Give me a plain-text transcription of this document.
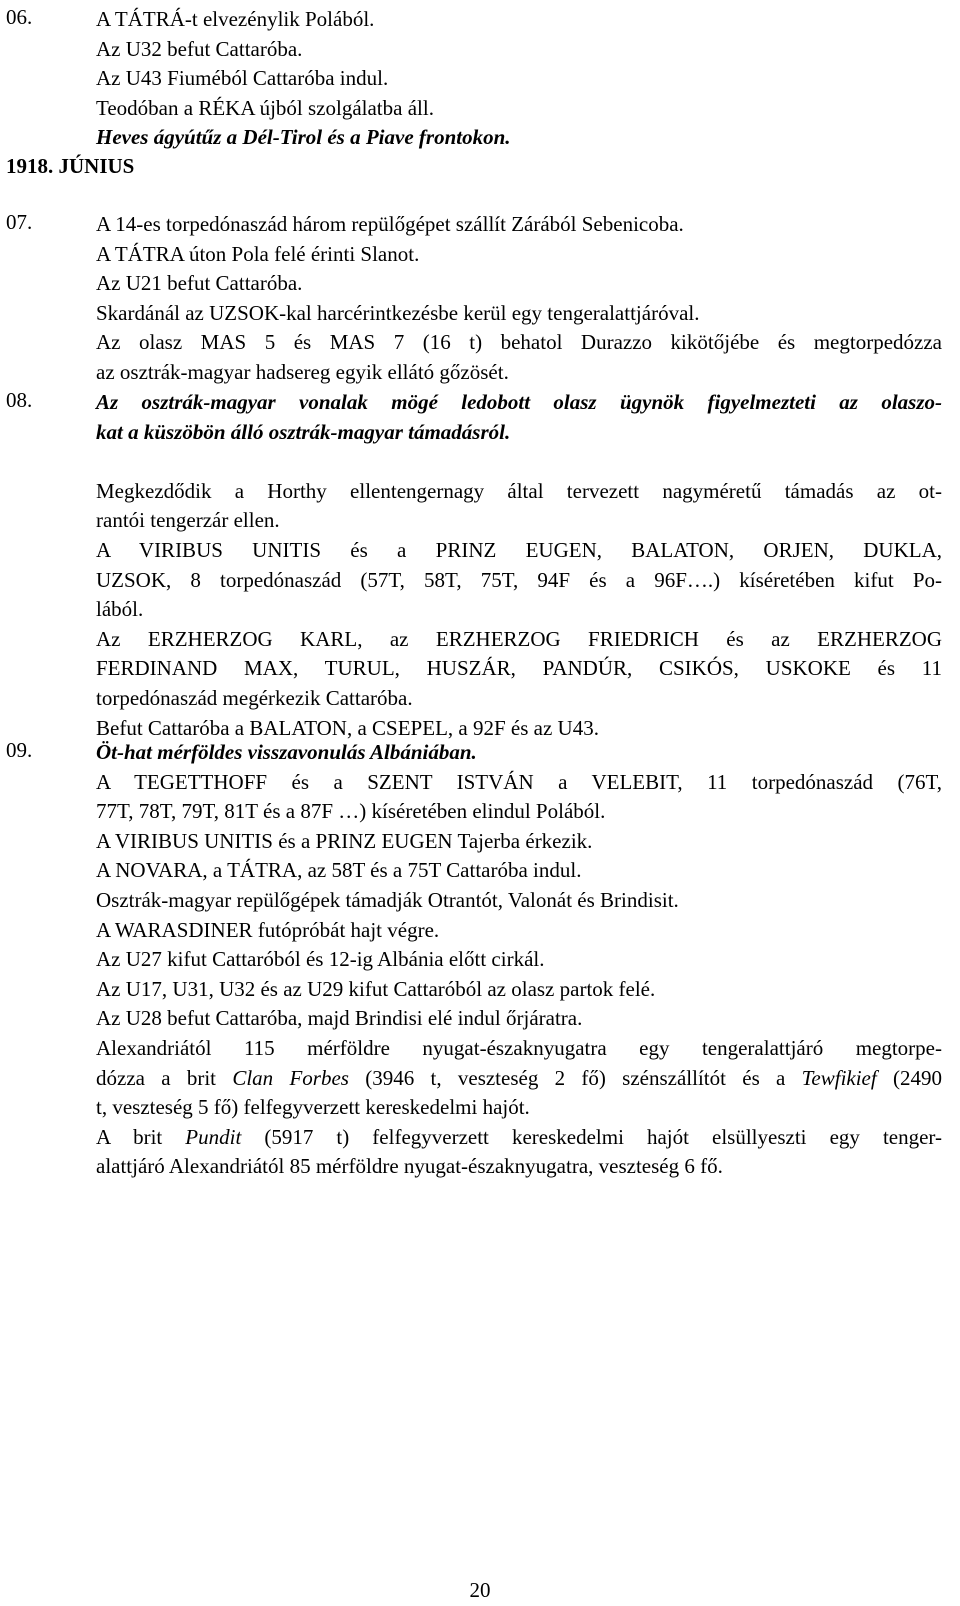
06.	A TÁTRÁ-t elvezénylik Polából.
Az U32 befut Cattaróba.
Az U43 Fiuméból Cattaróba indul.
Teodóban a RÉKA újból szolgálatba áll.
Heves ágyútűz a Dél-Tirol és a Piave frontokon.
1918. JÚNIUS
07.	A 14-es torpedónaszád három repülőgépet szállít Zárából Sebenicoba.
A TÁTRA úton Pola felé érinti Slanot.
Az U21 befut Cattaróba.
Skardánál az UZSOK-kal harcérintkezésbe kerül egy tengeralattjáróval.
Az olasz MAS 5 és MAS 7 (16 t) behatol Durazzo kikötőjébe és megtorpedózza
az osztrák-magyar hadsereg egyik ellátó gőzösét.
08.	Az osztrák-magyar vonalak mögé ledobott olasz ügynök figyelmezteti az olaszo-
kat a küszöbön álló osztrák-magyar támadásról.
Megkezdődik a Horthy ellentengernagy által tervezett nagyméretű támadás az ot-
rantói tengerzár ellen.
A VIRIBUS UNITIS és a PRINZ EUGEN, BALATON, ORJEN, DUKLA,
UZSOK, 8 torpedónaszád (57T, 58T, 75T, 94F és a 96F….) kíséretében kifut Po-
lából.
Az ERZHERZOG KARL, az ERZHERZOG FRIEDRICH és az ERZHERZOG
FERDINAND MAX, TURUL, HUSZÁR, PANDÚR, CSIKÓS, USKOKE és 11
torpedónaszád megérkezik Cattaróba.
Befut Cattaróba a BALATON, a CSEPEL, a 92F és az U43.
09.	Öt-hat mérföldes visszavonulás Albániában.
A TEGETTHOFF és a SZENT ISTVÁN a VELEBIT, 11 torpedónaszád (76T,
77T, 78T, 79T, 81T és a 87F …) kíséretében elindul Polából.
A VIRIBUS UNITIS és a PRINZ EUGEN Tajerba érkezik.
A NOVARA, a TÁTRA, az 58T és a 75T Cattaróba indul.
Osztrák-magyar repülőgépek támadják Otrantót, Valonát és Brindisit.
A WARASDINER futópróbát hajt végre.
Az U27 kifut Cattaróból és 12-ig Albánia előtt cirkál.
Az U17, U31, U32 és az U29 kifut Cattaróból az olasz partok felé.
Az U28 befut Cattaróba, majd Brindisi elé indul őrjáratra.
Alexandriától 115 mérföldre nyugat-északnyugatra egy tengeralattjáró megtorpe-
dózza a brit Clan Forbes (3946 t, veszteség 2 fő) szénszállítót és a Tewfikief (2490
t, veszteség 5 fő) felfegyverzett kereskedelmi hajót.
A brit Pundit (5917 t) felfegyverzett kereskedelmi hajót elsüllyeszti egy tenger-
alattjáró Alexandriától 85 mérföldre nyugat-északnyugatra, veszteség 6 fő.
20
